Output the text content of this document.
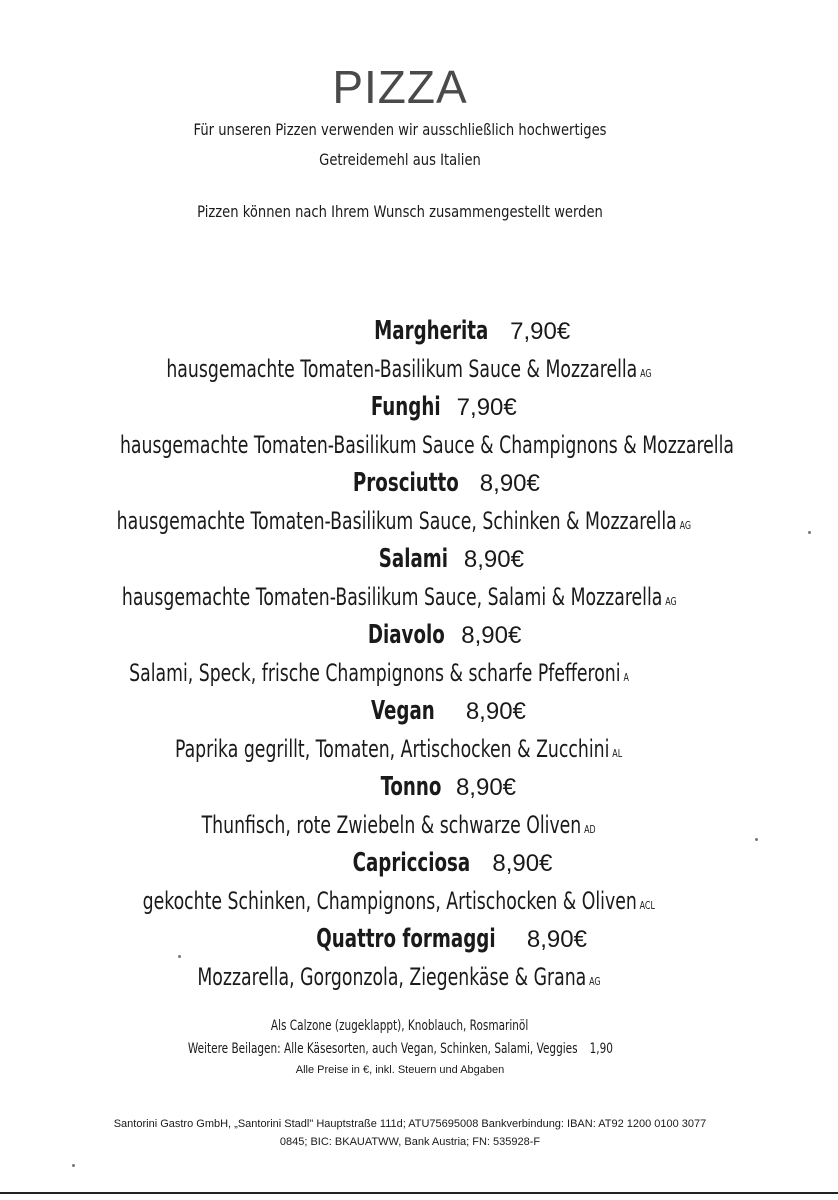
PIZZA
Für unseren Pizzen verwenden wir ausschließlich hochwertiges
Getreidemehl aus Italien
Pizzen können nach Ihrem Wunsch zusammengestellt werden
Margherita 7,90€
hausgemachte Tomaten-Basilikum Sauce & Mozzarella AG
Funghi 7,90€
hausgemachte Tomaten-Basilikum Sauce & Champignons & Mozzarella
Prosciutto 8,90€
hausgemachte Tomaten-Basilikum Sauce, Schinken & Mozzarella AG
Salami 8,90€
hausgemachte Tomaten-Basilikum Sauce, Salami & Mozzarella AG
Diavolo 8,90€
Salami, Speck, frische Champignons & scharfe Pfefferoni A
Vegan 8,90€
Paprika gegrillt, Tomaten, Artischocken & Zucchini AL
Tonno 8,90€
Thunfisch, rote Zwiebeln & schwarze Oliven AD
Capricciosa 8,90€
gekochte Schinken, Champignons, Artischocken & Oliven ACL
Quattro formaggi 8,90€
Mozzarella, Gorgonzola, Ziegenkäse & Grana AG
Als Calzone (zugeklappt), Knoblauch, Rosmarinöl
Weitere Beilagen: Alle Käsesorten, auch Vegan, Schinken, Salami, Veggies 1,90
Alle Preise in €, inkl. Steuern und Abgaben
Santorini Gastro GmbH, „Santorini Stadl" Hauptstraße 111d; ATU75695008 Bankverbindung: IBAN: AT92 1200 0100 3077
0845; BIC: BKAUATWW, Bank Austria; FN: 535928-F
